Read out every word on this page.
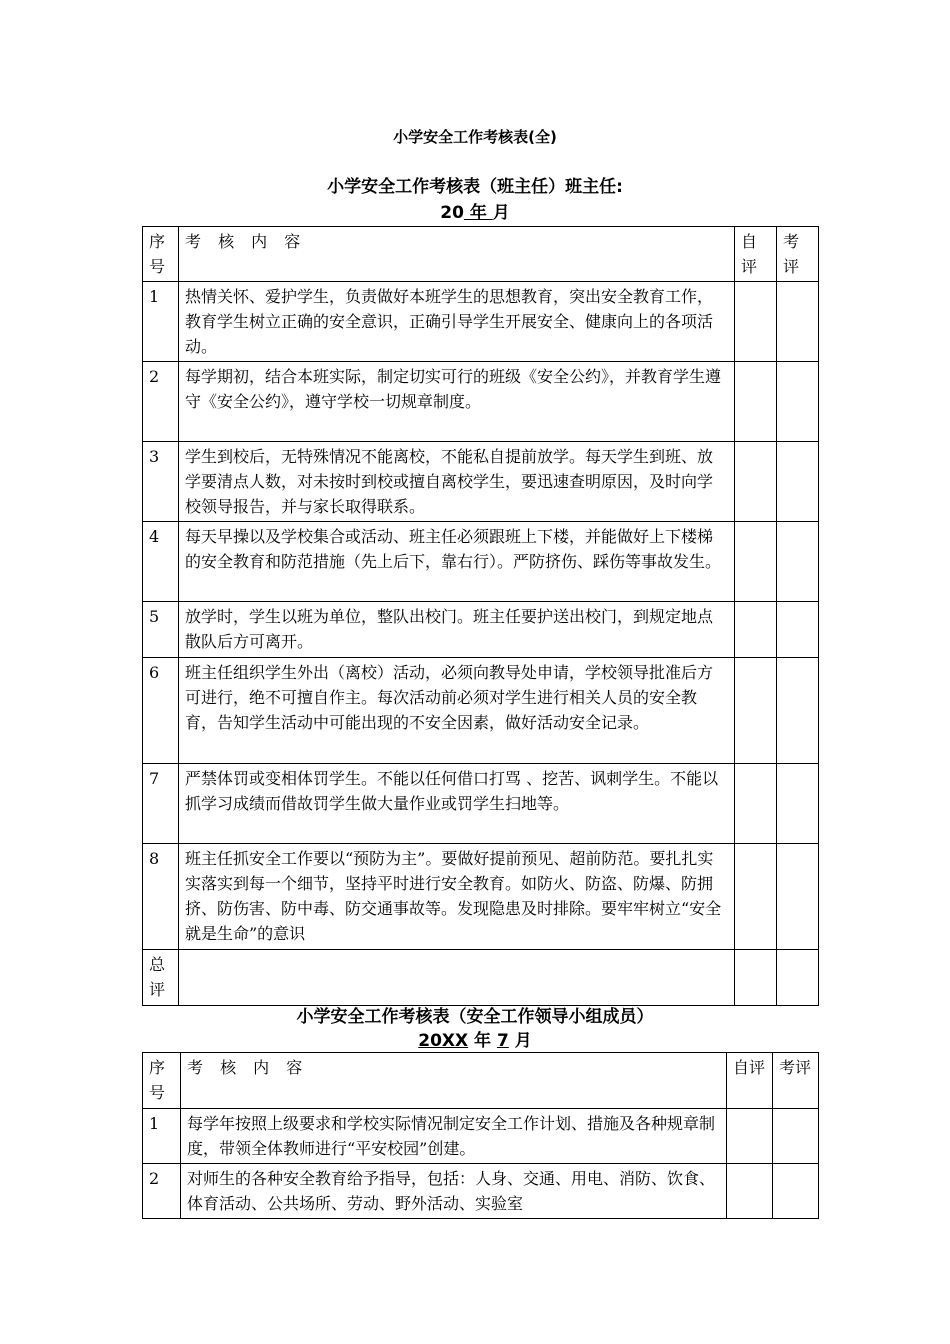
小学安全工作考核表(全)
小学安全工作考核表（班主任）班主任:
20 年 月
序号	考 核 内 容	自评	考评
1	热情关怀、爱护学生，负责做好本班学生的思想教育，突出安全教育工作，教育学生树立正确的安全意识，正确引导学生开展安全、健康向上的各项活动。		
2	每学期初，结合本班实际，制定切实可行的班级《安全公约》，并教育学生遵守《安全公约》，遵守学校一切规章制度。		
3	学生到校后，无特殊情况不能离校，不能私自提前放学。每天学生到班、放学要清点人数，对未按时到校或擅自离校学生，要迅速查明原因，及时向学校领导报告，并与家长取得联系。		
4	每天早操以及学校集合或活动、班主任必须跟班上下楼，并能做好上下楼梯的安全教育和防范措施（先上后下，靠右行）。严防挤伤、踩伤等事故发生。		
5	放学时，学生以班为单位，整队出校门。班主任要护送出校门，到规定地点散队后方可离开。		
6	班主任组织学生外出（离校）活动，必须向教导处申请，学校领导批准后方可进行，绝不可擅自作主。每次活动前必须对学生进行相关人员的安全教育，告知学生活动中可能出现的不安全因素，做好活动安全记录。		
7	严禁体罚或变相体罚学生。不能以任何借口打骂 、挖苦、讽刺学生。不能以抓学习成绩而借故罚学生做大量作业或罚学生扫地等。		
8	班主任抓安全工作要以“预防为主”。要做好提前预见、超前防范。要扎扎实实落实到每一个细节，坚持平时进行安全教育。如防火、防盗、防爆、防拥挤、防伤害、防中毒、防交通事故等。发现隐患及时排除。要牢牢树立“安全就是生命”的意识		
总评			
小学安全工作考核表（安全工作领导小组成员）
20XX 年 7 月
序号	考 核 内 容	自评	考评
1	每学年按照上级要求和学校实际情况制定安全工作计划、措施及各种规章制度，带领全体教师进行“平安校园”创建。		
2	对师生的各种安全教育给予指导，包括：人身、交通、用电、消防、饮食、体育活动、公共场所、劳动、野外活动、实验室		
